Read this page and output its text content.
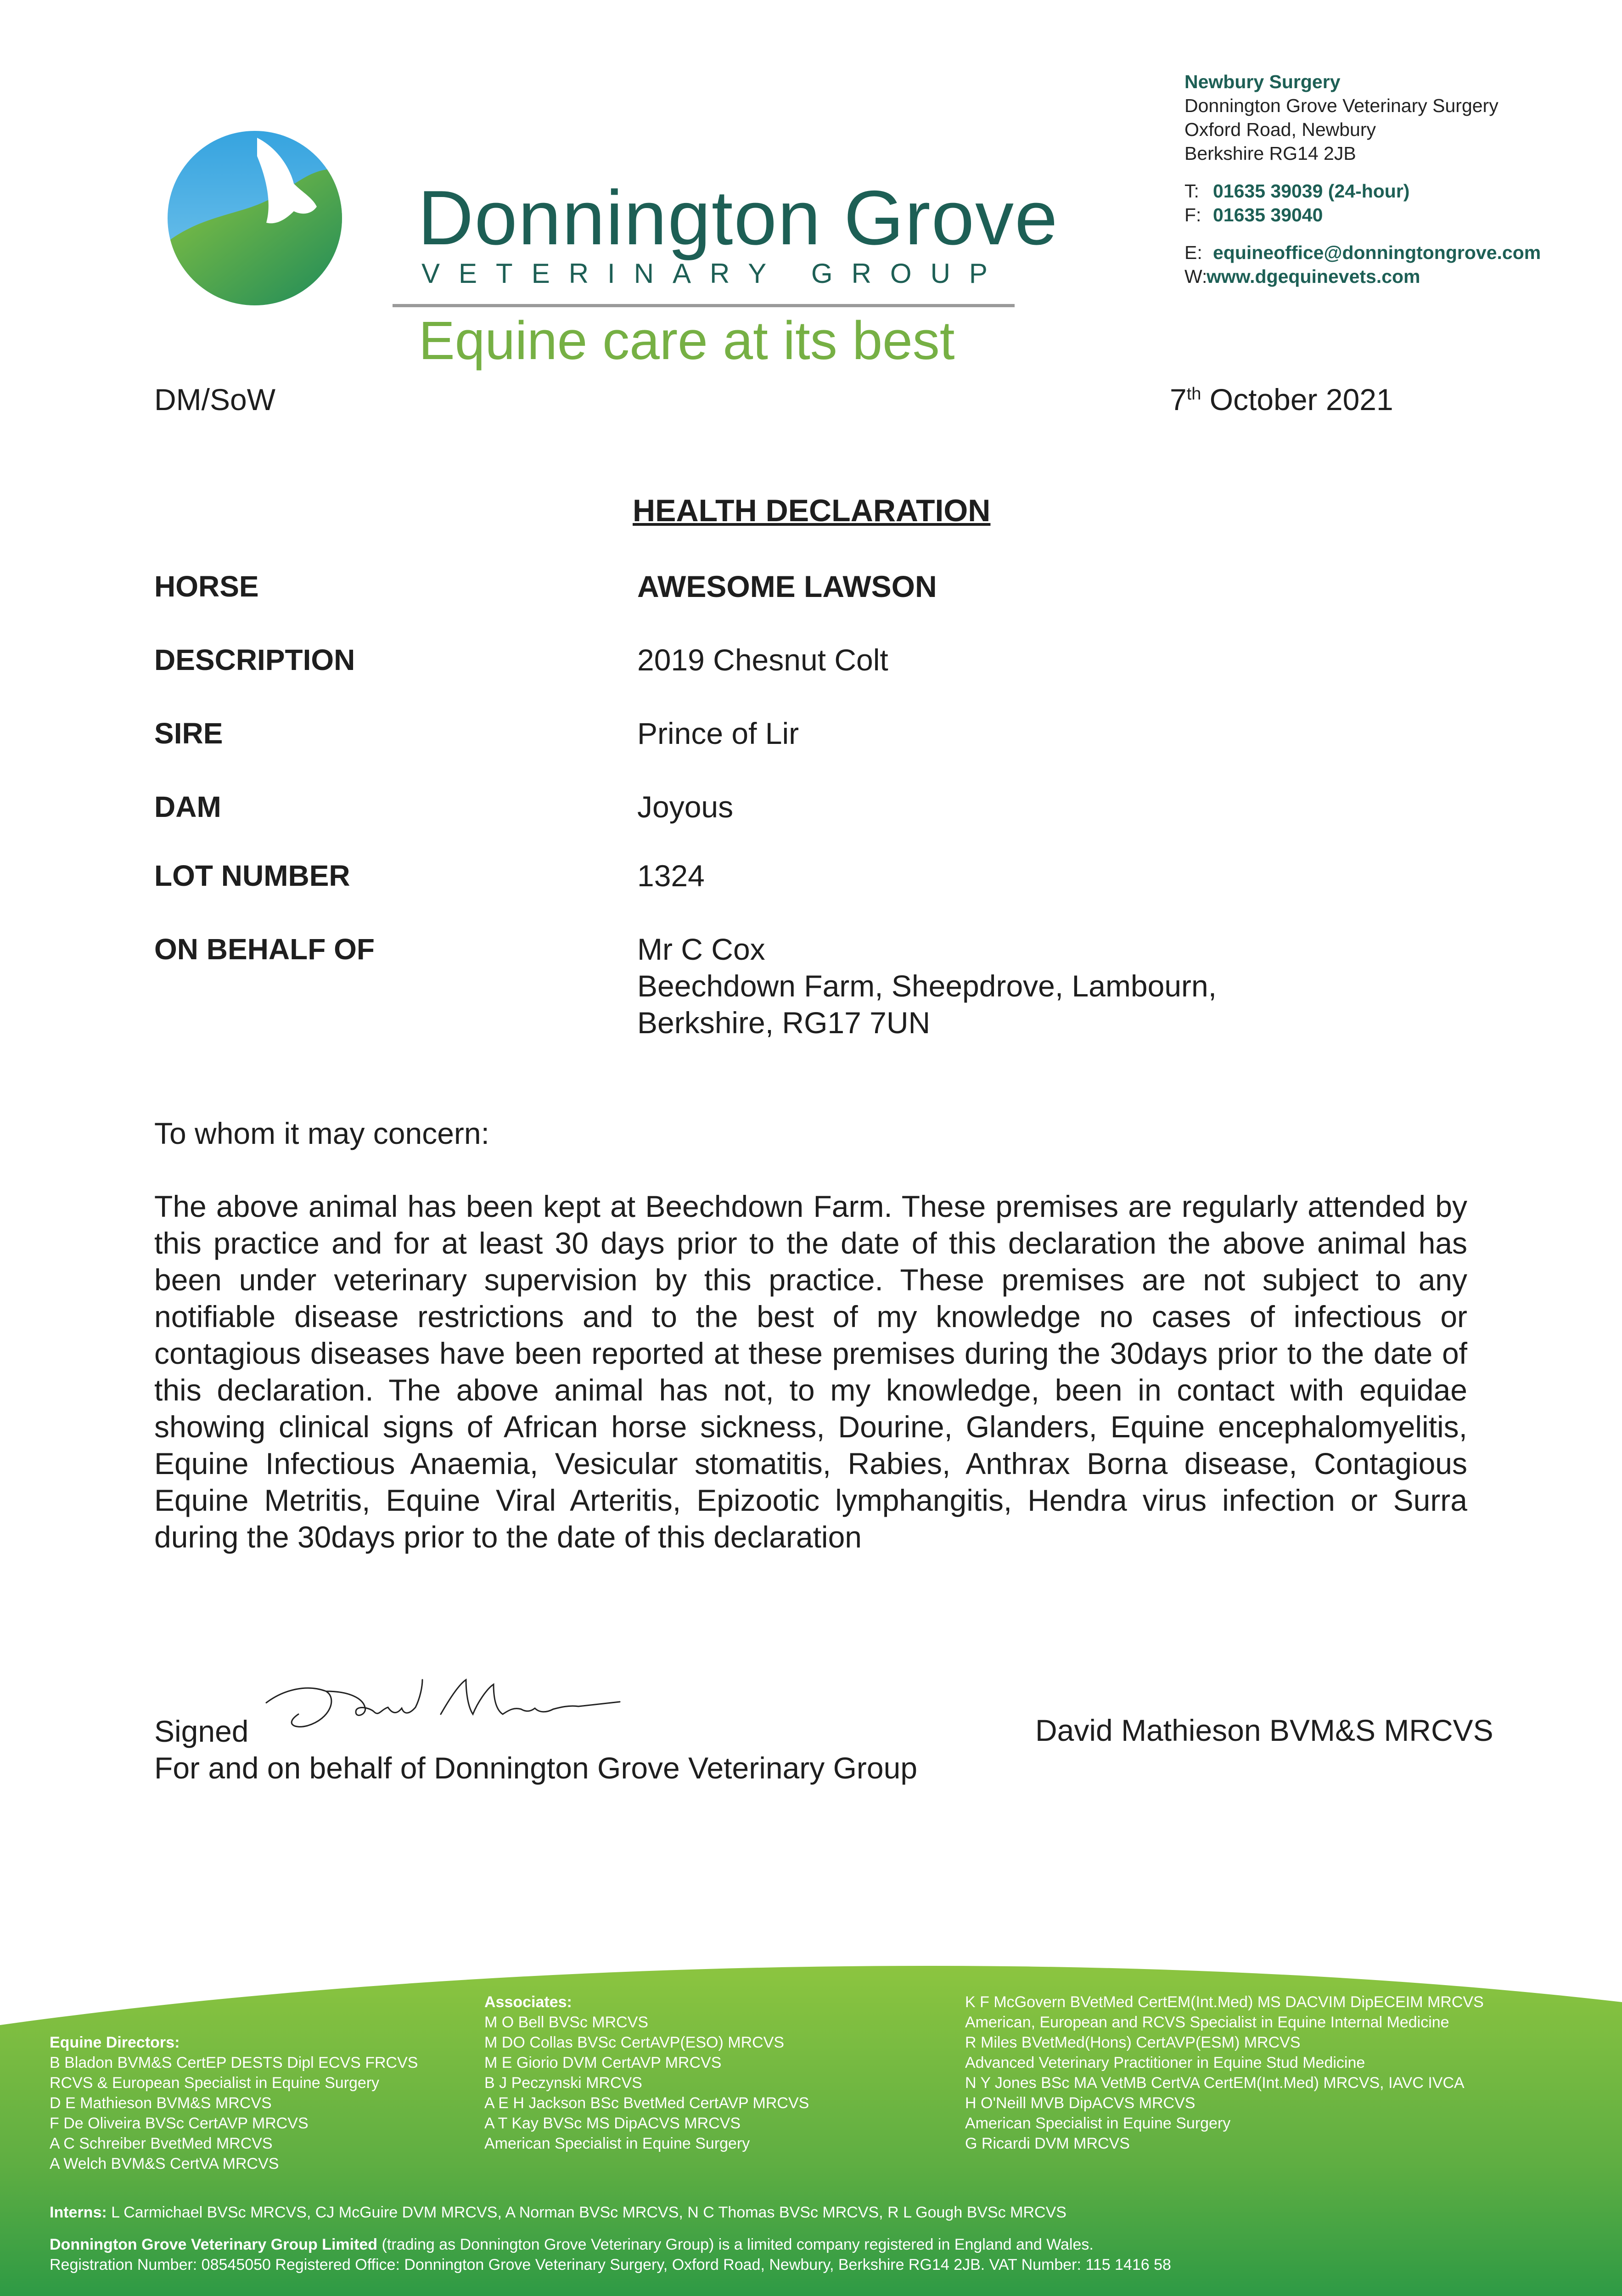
Donnington Grove
VETERINARY GROUP
Equine care at its best
Newbury Surgery
Donnington Grove Veterinary Surgery
Oxford Road, Newbury
Berkshire RG14 2JB
T: 01635 39039 (24-hour)
F: 01635 39040
E: equineoffice@donningtongrove.com
W:
www.dgequinevets.com
DM/SoW	7th October 2021
HEALTH DECLARATION
HORSE	AWESOME LAWSON
DESCRIPTION	2019 Chesnut Colt
SIRE	Prince of Lir
DAM	Joyous
LOT NUMBER	1324
ON BEHALF OF	Mr C Cox
Beechdown Farm, Sheepdrove, Lambourn,
Berkshire, RG17 7UN
To whom it may concern:
The above animal has been kept at Beechdown Farm. These premises are regularly attended by this practice and for at least 30 days prior to the date of this declaration the above animal has been under veterinary supervision by this practice. These premises are not subject to any notifiable disease restrictions and to the best of my knowledge no cases of infectious or contagious diseases have been reported at these premises during the 30days prior to the date of this declaration. The above animal has not, to my knowledge, been in contact with equidae showing clinical signs of African horse sickness, Dourine, Glanders, Equine encephalomyelitis, Equine Infectious Anaemia, Vesicular stomatitis, Rabies, Anthrax Borna disease, Contagious Equine Metritis, Equine Viral Arteritis, Epizootic lymphangitis, Hendra virus infection or Surra during the 30days prior to the date of this declaration
Signed	David Mathieson BVM&S MRCVS
For and on behalf of Donnington Grove Veterinary Group
Equine Directors:
B Bladon BVM&S CertEP DESTS Dipl ECVS FRCVS
RCVS & European Specialist in Equine Surgery
D E Mathieson BVM&S MRCVS
F De Oliveira BVSc CertAVP MRCVS
A C Schreiber BvetMed MRCVS
A Welch BVM&S CertVA MRCVS
Associates:
M O Bell BVSc MRCVS
M DO Collas BVSc CertAVP(ESO) MRCVS
M E Giorio DVM CertAVP MRCVS
B J Peczynski MRCVS
A E H Jackson BSc BvetMed CertAVP MRCVS
A T Kay BVSc MS DipACVS MRCVS
American Specialist in Equine Surgery
K F McGovern BVetMed CertEM(Int.Med) MS DACVIM DipECEIM MRCVS
American, European and RCVS Specialist in Equine Internal Medicine
R Miles BVetMed(Hons) CertAVP(ESM) MRCVS
Advanced Veterinary Practitioner in Equine Stud Medicine
N Y Jones BSc MA VetMB CertVA CertEM(Int.Med) MRCVS, IAVC IVCA
H O'Neill MVB DipACVS MRCVS
American Specialist in Equine Surgery
G Ricardi DVM MRCVS
Interns: L Carmichael BVSc MRCVS, CJ McGuire DVM MRCVS, A Norman BVSc MRCVS, N C Thomas BVSc MRCVS, R L Gough BVSc MRCVS
Donnington Grove Veterinary Group Limited (trading as Donnington Grove Veterinary Group) is a limited company registered in England and Wales.
Registration Number: 08545050 Registered Office: Donnington Grove Veterinary Surgery, Oxford Road, Newbury, Berkshire RG14 2JB. VAT Number: 115 1416 58
